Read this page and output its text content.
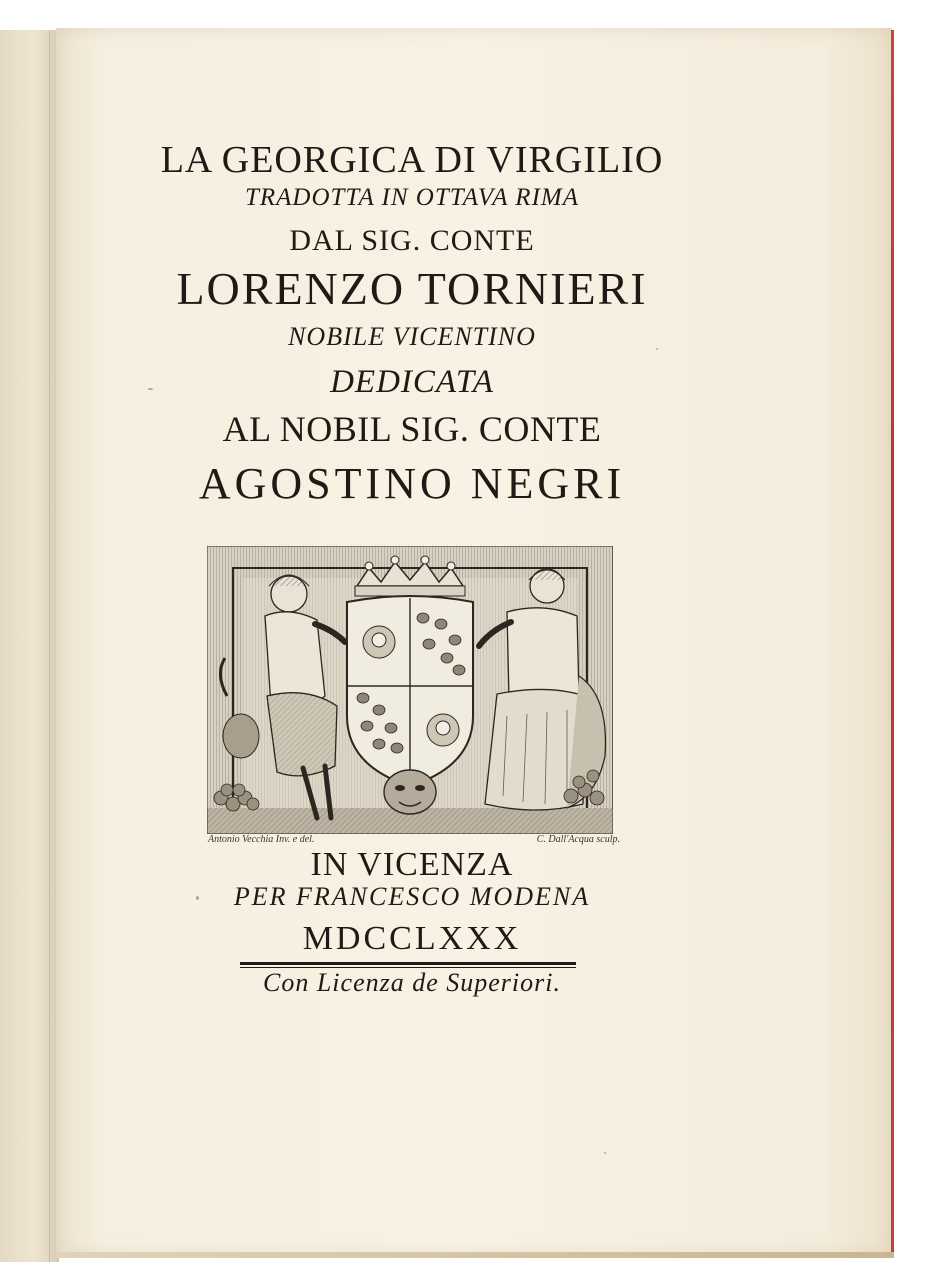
LA GEORGICA DI VIRGILIO
TRADOTTA IN OTTAVA RIMA
DAL SIG. CONTE
LORENZO TORNIERI
NOBILE VICENTINO
DEDICATA
AL NOBIL SIG. CONTE
AGOSTINO NEGRI
Antonio Vecchia Inv. e del.	C. Dall'Acqua sculp.
IN VICENZA
PER FRANCESCO MODENA
MDCCLXXX
Con Licenza de Superiori.
